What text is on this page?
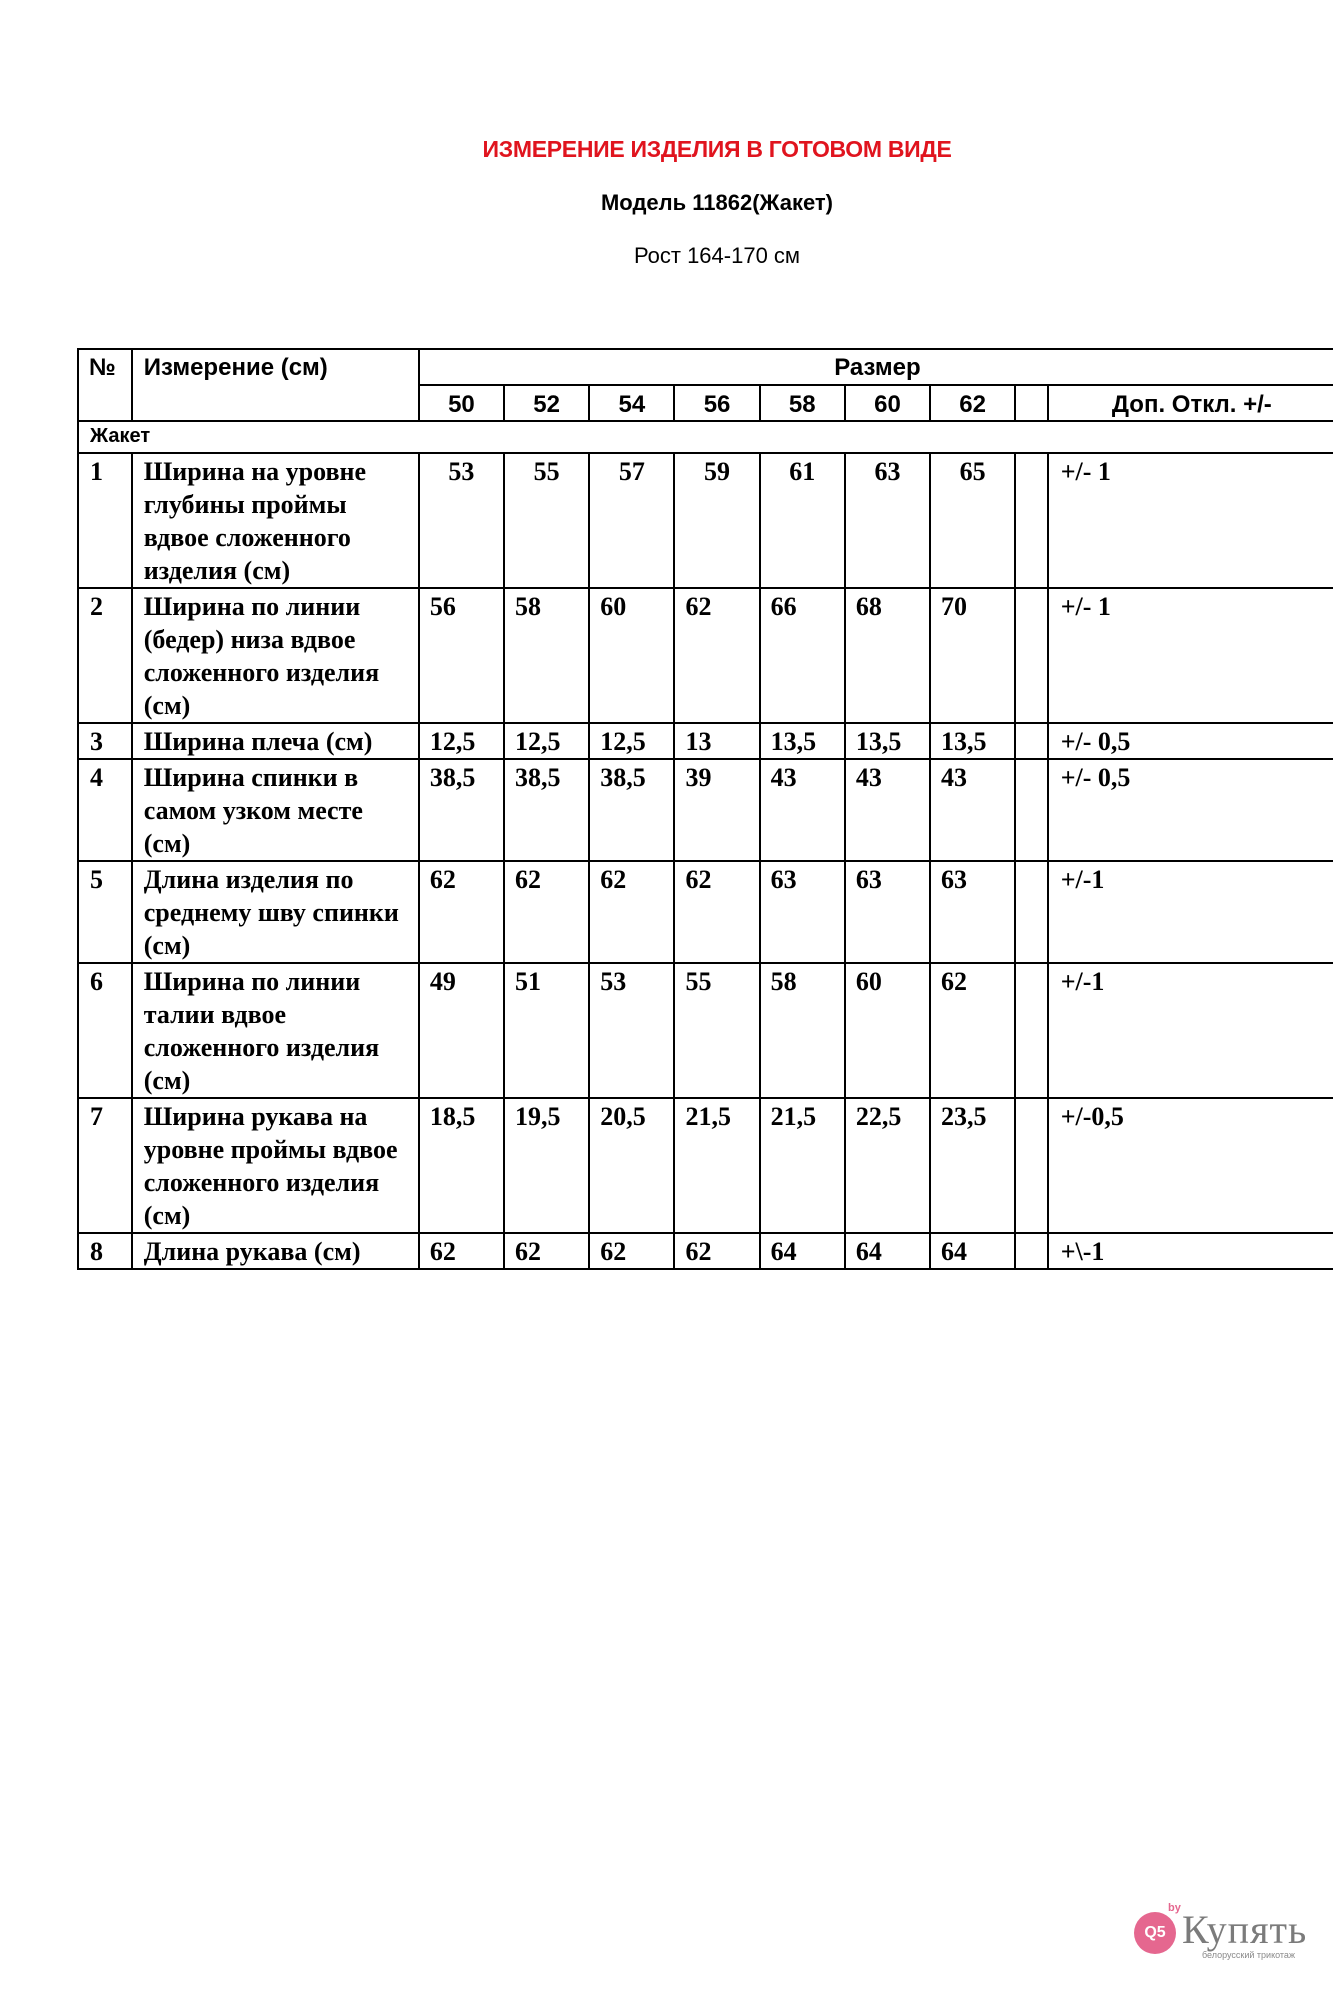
ИЗМЕРЕНИЕ ИЗДЕЛИЯ В ГОТОВОМ ВИДЕ
Модель 11862(Жакет)
Рост 164-170 см
№	Измерение (см)	Размер								
		50	52	54	56	58	60	62		Доп. Откл. +/-
Жакет										
1	Ширина на уровне глубины проймы вдвое сложенного изделия (см)	53	55	57	59	61	63	65		+/- 1
2	Ширина по линии (бедер) низа вдвое сложенного изделия (см)	56	58	60	62	66	68	70		+/- 1
3	Ширина плеча (см)	12,5	12,5	12,5	13	13,5	13,5	13,5		+/- 0,5
4	Ширина спинки в самом узком месте (см)	38,5	38,5	38,5	39	43	43	43		+/- 0,5
5	Длина изделия по среднему шву спинки (см)	62	62	62	62	63	63	63		+/-1
6	Ширина по линии талии вдвое сложенного изделия (см)	49	51	53	55	58	60	62		+/-1
7	Ширина рукава на уровне проймы вдвое сложенного изделия (см)	18,5	19,5	20,5	21,5	21,5	22,5	23,5		+/-0,5
8	Длина рукава (см)	62	62	62	62	64	64	64		+\-1
Q5
by Купять
белорусский трикотаж
